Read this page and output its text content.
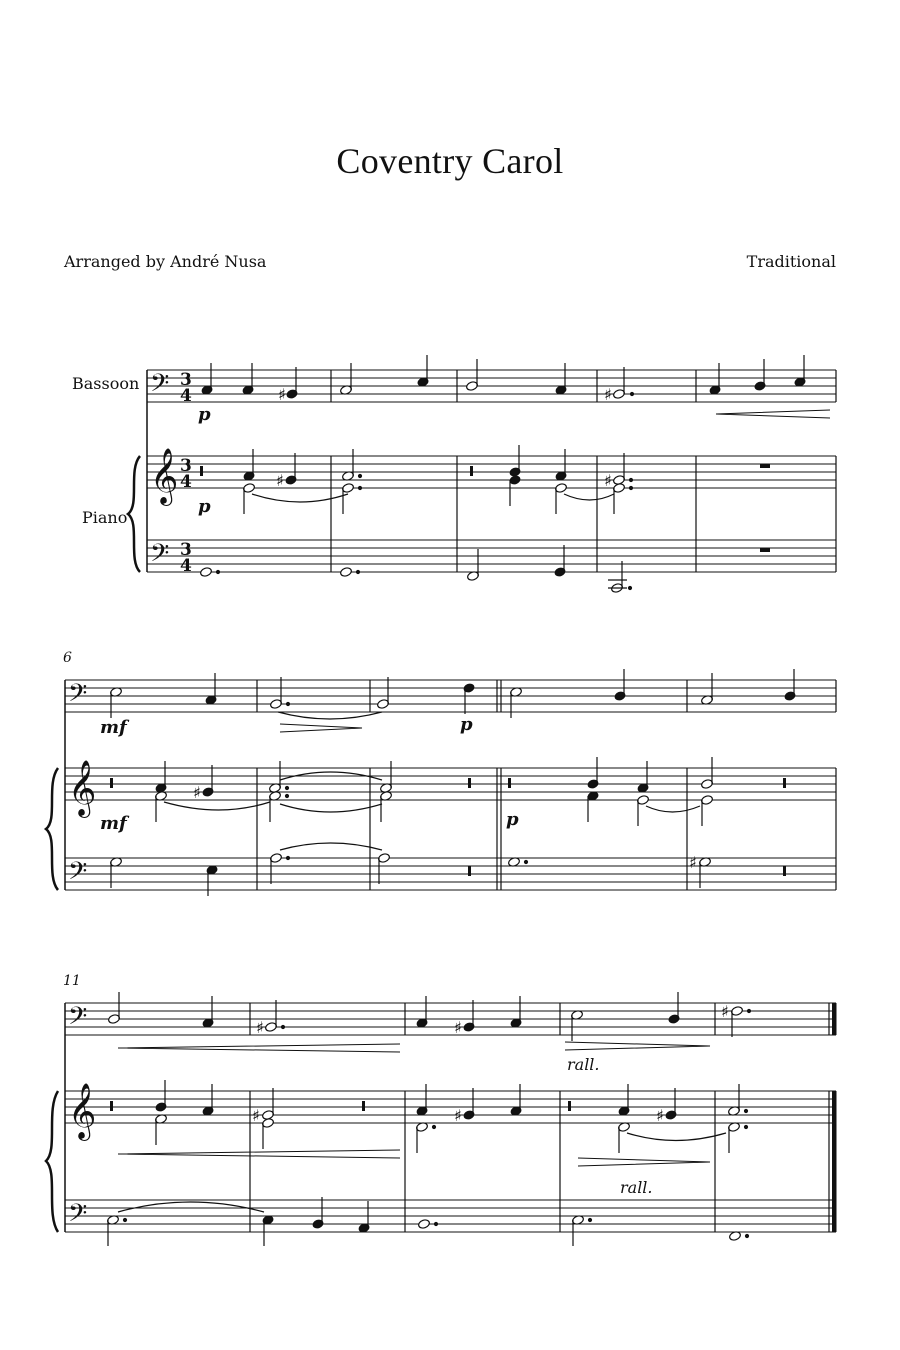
Coventry Carol
Arranged by André Nusa	Traditional
Bassoon
Piano
𝄢
𝄞
𝄢
3
4
3
4
3
4
♯	♯
p
♯	♯
p
6
𝄢
𝄞
𝄢
mf	p
♯
mf	p
♯
11
𝄢
𝄞
𝄢
♯	♯
♯
rall.
♯	♯	♯
rall.
